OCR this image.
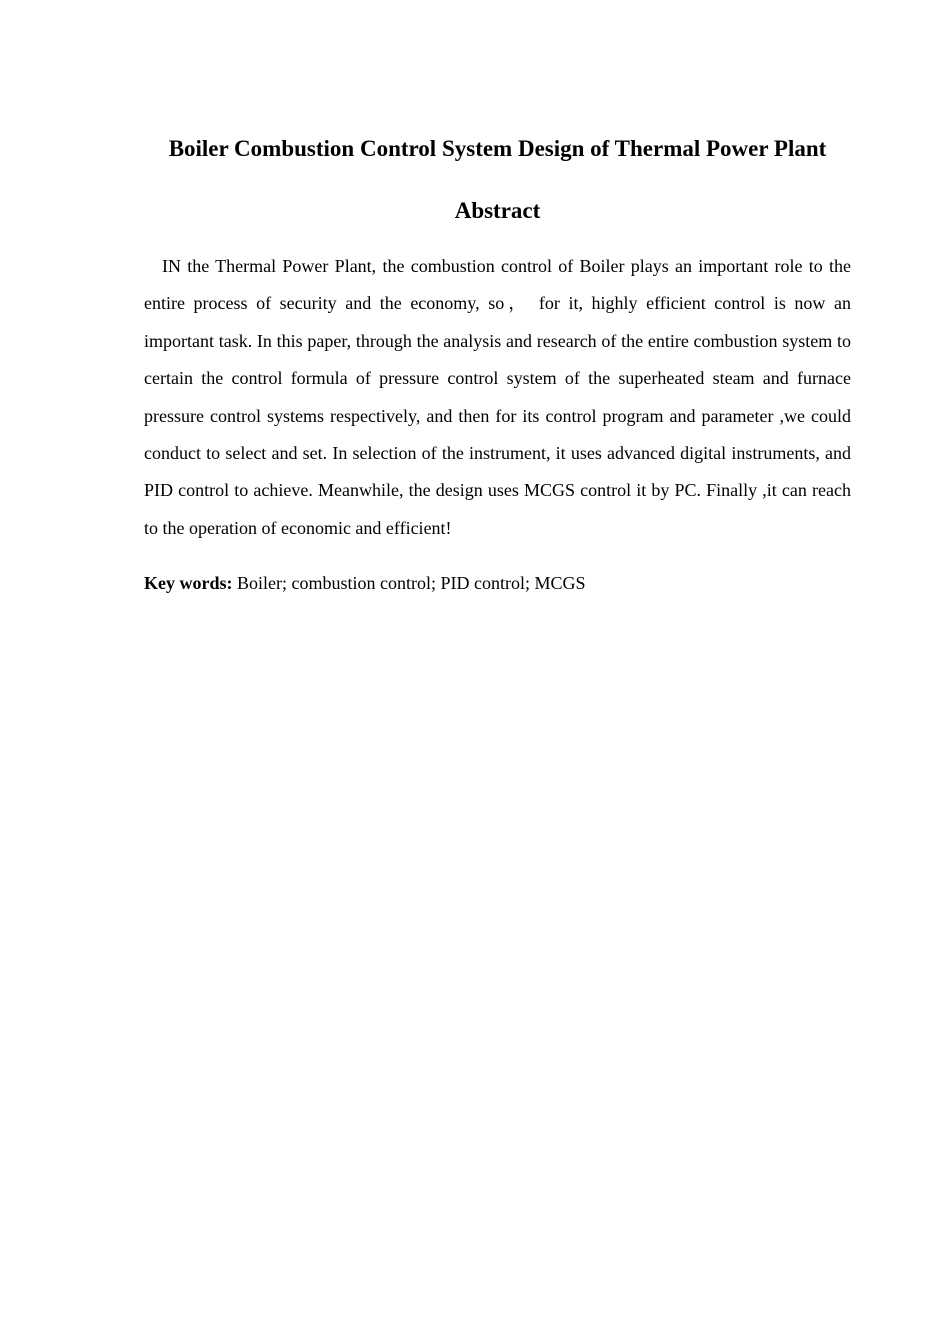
Boiler Combustion Control System Design of Thermal Power Plant
Abstract

IN the Thermal Power Plant, the combustion control of Boiler plays an important role to the entire process of security and the economy, so， for it, highly efficient control is now an important task. In this paper, through the analysis and research of the entire combustion system to certain the control formula of pressure control system of the superheated steam and furnace pressure control systems respectively, and then for its control program and parameter ,we could conduct to select and set. In selection of the instrument, it uses advanced digital instruments, and PID control to achieve. Meanwhile, the design uses MCGS control it by PC. Finally ,it can reach to the operation of economic and efficient!

Key words: Boiler; combustion control; PID control; MCGS
